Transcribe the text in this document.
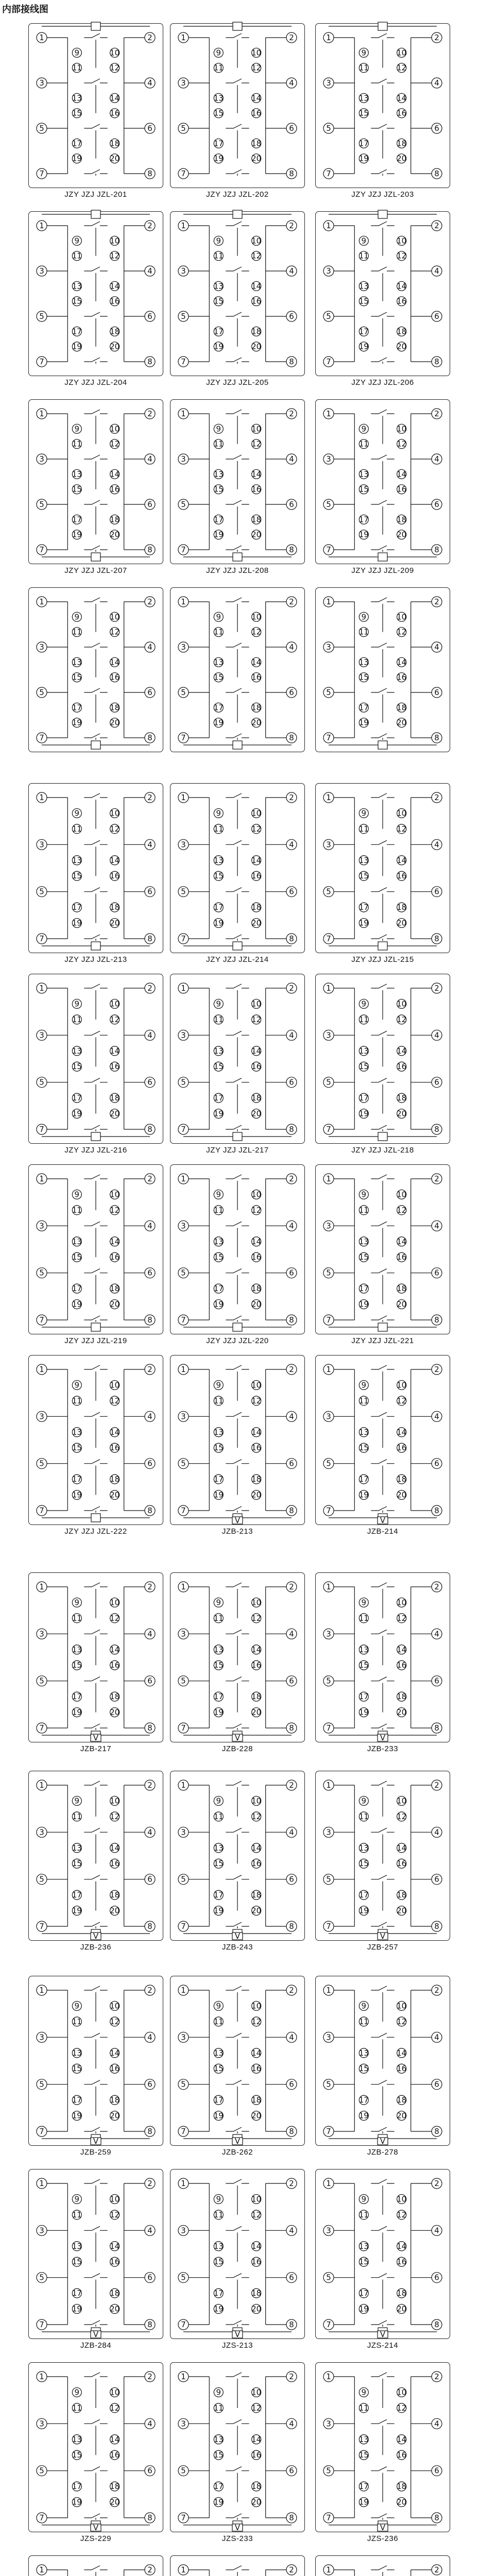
内部接线图
1	2
3	4
5	6
7	8
9	10
11	12
13	14
15	16
17	18
19	20
JZY JZJ JZL-201
1	2
3	4
5	6
7	8
9	10
11	12
13	14
15	16
17	18
19	20
JZY JZJ JZL-202
1	2
3	4
5	6
7	8
9	10
11	12
13	14
15	16
17	18
19	20
JZY JZJ JZL-203
1	2
3	4
5	6
7	8
9	10
11	12
13	14
15	16
17	18
19	20
JZY JZJ JZL-204
1	2
3	4
5	6
7	8
9	10
11	12
13	14
15	16
17	18
19	20
JZY JZJ JZL-205
1	2
3	4
5	6
7	8
9	10
11	12
13	14
15	16
17	18
19	20
JZY JZJ JZL-206
1	2
3	4
5	6
7	8
9	10
11	12
13	14
15	16
17	18
19	20
JZY JZJ JZL-207
1	2
3	4
5	6
7	8
9	10
11	12
13	14
15	16
17	18
19	20
JZY JZJ JZL-208
1	2
3	4
5	6
7	8
9	10
11	12
13	14
15	16
17	18
19	20
JZY JZJ JZL-209
1	2
3	4
5	6
7	8
9	10
11	12
13	14
15	16
17	18
19	20
1	2
3	4
5	6
7	8
9	10
11	12
13	14
15	16
17	18
19	20
1	2
3	4
5	6
7	8
9	10
11	12
13	14
15	16
17	18
19	20
1	2
3	4
5	6
7	8
9	10
11	12
13	14
15	16
17	18
19	20
JZY JZJ JZL-213
1	2
3	4
5	6
7	8
9	10
11	12
13	14
15	16
17	18
19	20
JZY JZJ JZL-214
1	2
3	4
5	6
7	8
9	10
11	12
13	14
15	16
17	18
19	20
JZY JZJ JZL-215
1	2
3	4
5	6
7	8
9	10
11	12
13	14
15	16
17	18
19	20
JZY JZJ JZL-216
1	2
3	4
5	6
7	8
9	10
11	12
13	14
15	16
17	18
19	20
JZY JZJ JZL-217
1	2
3	4
5	6
7	8
9	10
11	12
13	14
15	16
17	18
19	20
JZY JZJ JZL-218
1	2
3	4
5	6
7	8
9	10
11	12
13	14
15	16
17	18
19	20
JZY JZJ JZL-219
1	2
3	4
5	6
7	8
9	10
11	12
13	14
15	16
17	18
19	20
JZY JZJ JZL-220
1	2
3	4
5	6
7	8
9	10
11	12
13	14
15	16
17	18
19	20
JZY JZJ JZL-221
1	2
3	4
5	6
7	8
9	10
11	12
13	14
15	16
17	18
19	20
JZY JZJ JZL-222
1	2
3	4
5	6
7	8
9	10
11	12
13	14
15	16
17	18
19	20
V
JZB-213
1	2
3	4
5	6
7	8
9	10
11	12
13	14
15	16
17	18
19	20
V
JZB-214
1	2
3	4
5	6
7	8
9	10
11	12
13	14
15	16
17	18
19	20
V
JZB-217
1	2
3	4
5	6
7	8
9	10
11	12
13	14
15	16
17	18
19	20
V
JZB-228
1	2
3	4
5	6
7	8
9	10
11	12
13	14
15	16
17	18
19	20
V
JZB-233
1	2
3	4
5	6
7	8
9	10
11	12
13	14
15	16
17	18
19	20
V
JZB-236
1	2
3	4
5	6
7	8
9	10
11	12
13	14
15	16
17	18
19	20
V
JZB-243
1	2
3	4
5	6
7	8
9	10
11	12
13	14
15	16
17	18
19	20
V
JZB-257
1	2
3	4
5	6
7	8
9	10
11	12
13	14
15	16
17	18
19	20
V
JZB-259
1	2
3	4
5	6
7	8
9	10
11	12
13	14
15	16
17	18
19	20
V
JZB-262
1	2
3	4
5	6
7	8
9	10
11	12
13	14
15	16
17	18
19	20
V
JZB-278
1	2
3	4
5	6
7	8
9	10
11	12
13	14
15	16
17	18
19	20
V
JZB-284
1	2
3	4
5	6
7	8
9	10
11	12
13	14
15	16
17	18
19	20
V
JZS-213
1	2
3	4
5	6
7	8
9	10
11	12
13	14
15	16
17	18
19	20
V
JZS-214
1	2
3	4
5	6
7	8
9	10
11	12
13	14
15	16
17	18
19	20
V
JZS-229
1	2
3	4
5	6
7	8
9	10
11	12
13	14
15	16
17	18
19	20
V
JZS-233
1	2
3	4
5	6
7	8
9	10
11	12
13	14
15	16
17	18
19	20
V
JZS-236
1	2	1	2	1	2
